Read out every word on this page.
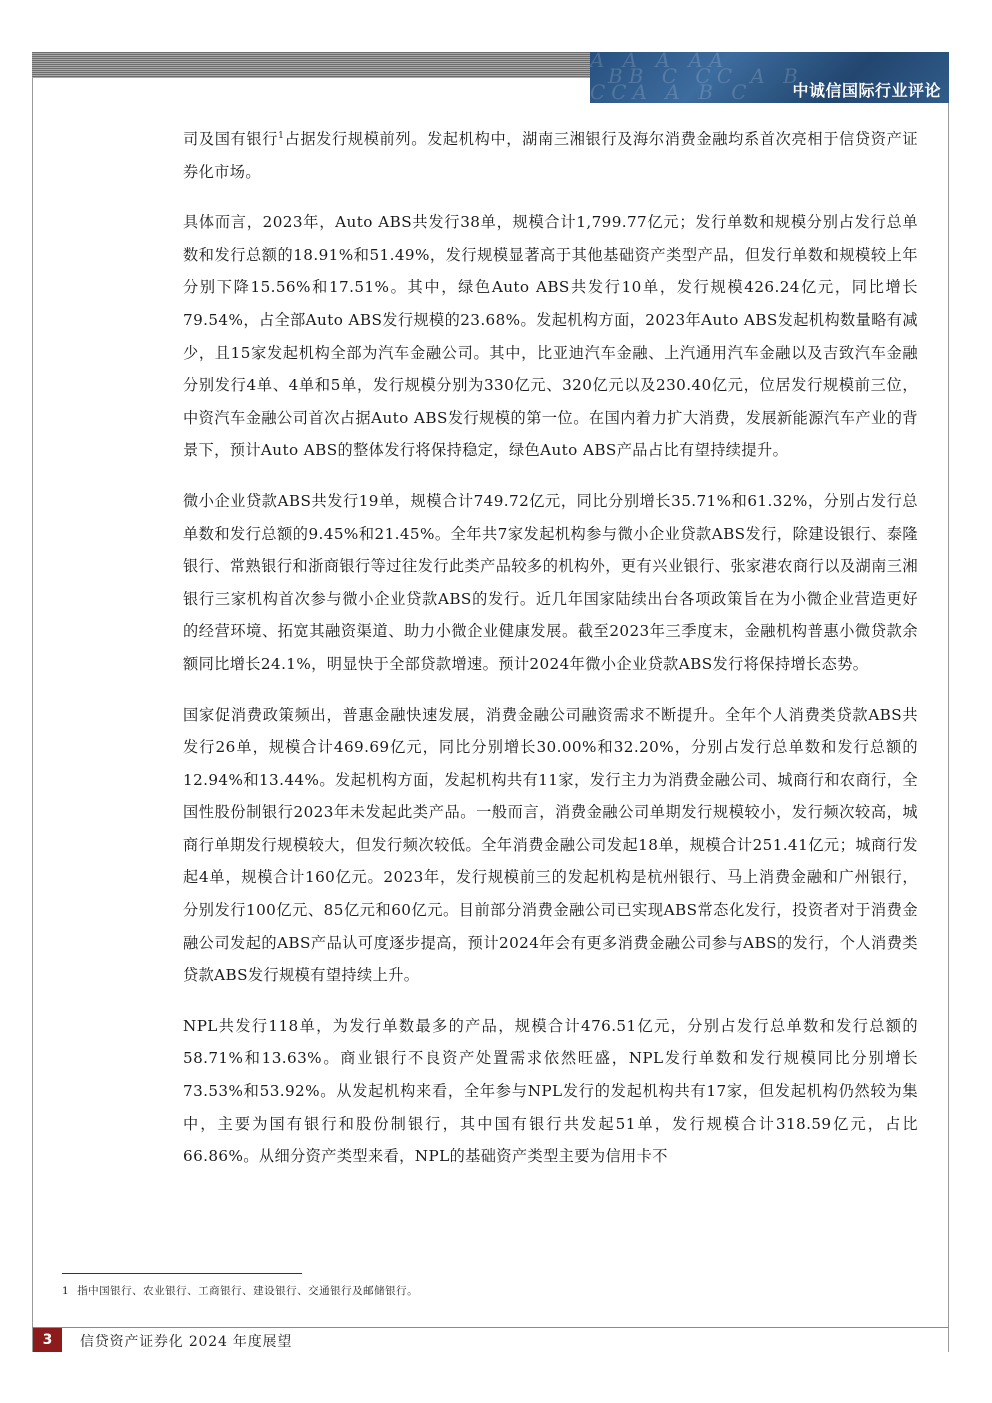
A A A AA
BB C CC A B
CCA A B C	中诚信国际行业评论

司及国有银行$^1$占据发行规模前列。发起机构中，湖南三湘银行及海尔消费金融均系首次亮相于信贷资产证券化市场。

具体而言，2023年，Auto ABS共发行38单，规模合计1,799.77亿元；发行单数和规模分别占发行总单数和发行总额的18.91%和51.49%，发行规模显著高于其他基础资产类型产品，但发行单数和规模较上年分别下降15.56%和17.51%。其中，绿色Auto ABS共发行10单，发行规模426.24亿元，同比增长79.54%，占全部Auto ABS发行规模的23.68%。发起机构方面，2023年Auto ABS发起机构数量略有减少，且15家发起机构全部为汽车金融公司。其中，比亚迪汽车金融、上汽通用汽车金融以及吉致汽车金融分别发行4单、4单和5单，发行规模分别为330亿元、320亿元以及230.40亿元，位居发行规模前三位，中资汽车金融公司首次占据Auto ABS发行规模的第一位。在国内着力扩大消费，发展新能源汽车产业的背景下，预计Auto ABS的整体发行将保持稳定，绿色Auto ABS产品占比有望持续提升。

微小企业贷款ABS共发行19单，规模合计749.72亿元，同比分别增长35.71%和61.32%，分别占发行总单数和发行总额的9.45%和21.45%。全年共7家发起机构参与微小企业贷款ABS发行，除建设银行、泰隆银行、常熟银行和浙商银行等过往发行此类产品较多的机构外，更有兴业银行、张家港农商行以及湖南三湘银行三家机构首次参与微小企业贷款ABS的发行。近几年国家陆续出台各项政策旨在为小微企业营造更好的经营环境、拓宽其融资渠道、助力小微企业健康发展。截至2023年三季度末，金融机构普惠小微贷款余额同比增长24.1%，明显快于全部贷款增速。预计2024年微小企业贷款ABS发行将保持增长态势。

国家促消费政策频出，普惠金融快速发展，消费金融公司融资需求不断提升。全年个人消费类贷款ABS共发行26单，规模合计469.69亿元，同比分别增长30.00%和32.20%，分别占发行总单数和发行总额的12.94%和13.44%。发起机构方面，发起机构共有11家，发行主力为消费金融公司、城商行和农商行，全国性股份制银行2023年未发起此类产品。一般而言，消费金融公司单期发行规模较小，发行频次较高，城商行单期发行规模较大，但发行频次较低。全年消费金融公司发起18单，规模合计251.41亿元；城商行发起4单，规模合计160亿元。2023年，发行规模前三的发起机构是杭州银行、马上消费金融和广州银行，分别发行100亿元、85亿元和60亿元。目前部分消费金融公司已实现ABS常态化发行，投资者对于消费金融公司发起的ABS产品认可度逐步提高，预计2024年会有更多消费金融公司参与ABS的发行，个人消费类贷款ABS发行规模有望持续上升。

NPL共发行118单，为发行单数最多的产品，规模合计476.51亿元，分别占发行总单数和发行总额的58.71%和13.63%。商业银行不良资产处置需求依然旺盛，NPL发行单数和发行规模同比分别增长73.53%和53.92%。从发起机构来看，全年参与NPL发行的发起机构共有17家，但发起机构仍然较为集中，主要为国有银行和股份制银行，其中国有银行共发起51单，发行规模合计318.59亿元，占比66.86%。从细分资产类型来看，NPL的基础资产类型主要为信用卡不

1 指中国银行、农业银行、工商银行、建设银行、交通银行及邮储银行。
3	信贷资产证券化 2024 年度展望
